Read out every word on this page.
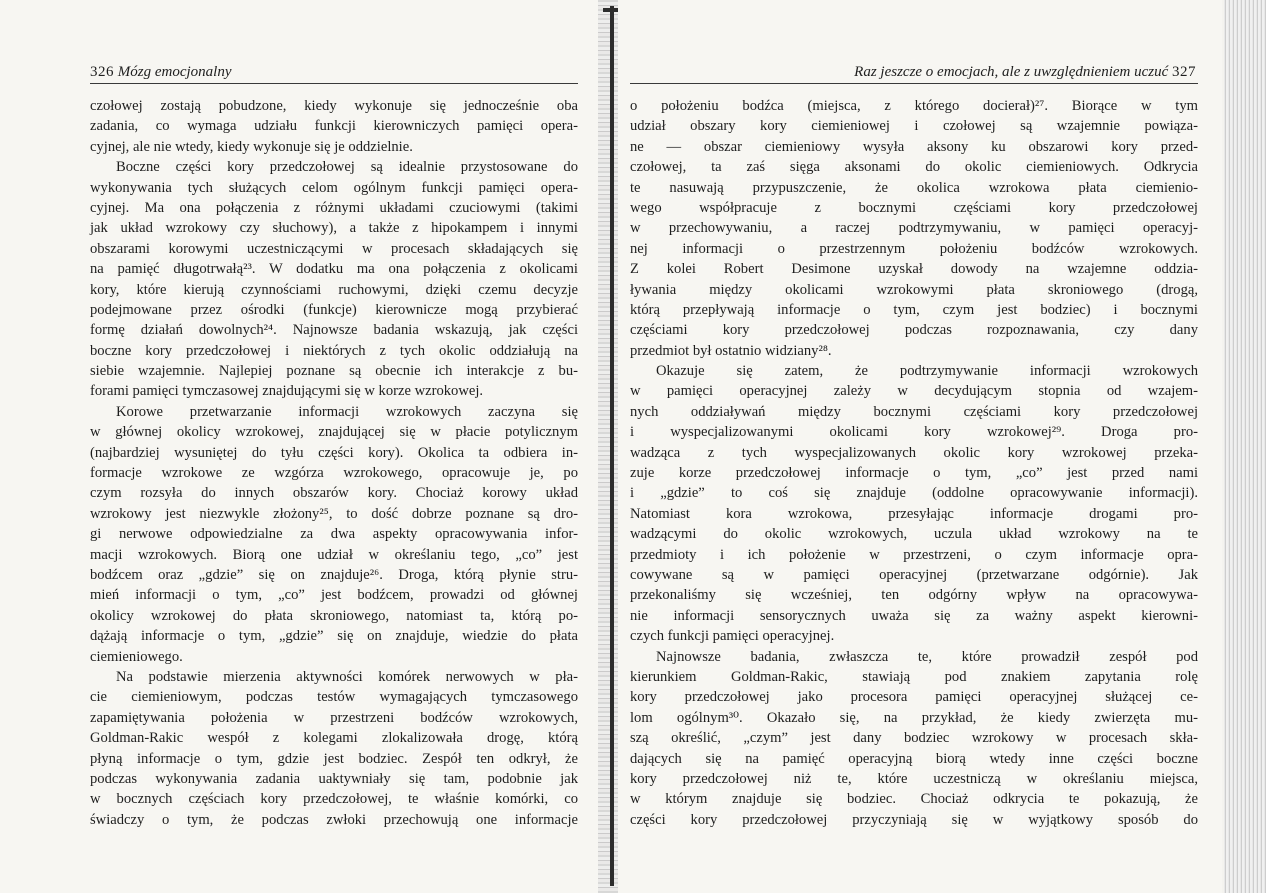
326 Mózg emocjonalny
czołowej zostają pobudzone, kiedy wykonuje się jednocześnie oba
zadania, co wymaga udziału funkcji kierowniczych pamięci opera-
cyjnej, ale nie wtedy, kiedy wykonuje się je oddzielnie.
Boczne części kory przedczołowej są idealnie przystosowane do
wykonywania tych służących celom ogólnym funkcji pamięci opera-
cyjnej. Ma ona połączenia z różnymi układami czuciowymi (takimi
jak układ wzrokowy czy słuchowy), a także z hipokampem i innymi
obszarami korowymi uczestniczącymi w procesach składających się
na pamięć długotrwałą²³. W dodatku ma ona połączenia z okolicami
kory, które kierują czynnościami ruchowymi, dzięki czemu decyzje
podejmowane przez ośrodki (funkcje) kierownicze mogą przybierać
formę działań dowolnych²⁴. Najnowsze badania wskazują, jak części
boczne kory przedczołowej i niektórych z tych okolic oddziałują na
siebie wzajemnie. Najlepiej poznane są obecnie ich interakcje z bu-
forami pamięci tymczasowej znajdującymi się w korze wzrokowej.
Korowe przetwarzanie informacji wzrokowych zaczyna się
w głównej okolicy wzrokowej, znajdującej się w płacie potylicznym
(najbardziej wysuniętej do tyłu części kory). Okolica ta odbiera in-
formacje wzrokowe ze wzgórza wzrokowego, opracowuje je, po
czym rozsyła do innych obszarów kory. Chociaż korowy układ
wzrokowy jest niezwykle złożony²⁵, to dość dobrze poznane są dro-
gi nerwowe odpowiedzialne za dwa aspekty opracowywania infor-
macji wzrokowych. Biorą one udział w określaniu tego, „co” jest
bodźcem oraz „gdzie” się on znajduje²⁶. Droga, którą płynie stru-
mień informacji o tym, „co” jest bodźcem, prowadzi od głównej
okolicy wzrokowej do płata skroniowego, natomiast ta, którą po-
dążają informacje o tym, „gdzie” się on znajduje, wiedzie do płata
ciemieniowego.
Na podstawie mierzenia aktywności komórek nerwowych w pła-
cie ciemieniowym, podczas testów wymagających tymczasowego
zapamiętywania położenia w przestrzeni bodźców wzrokowych,
Goldman-Rakic wespół z kolegami zlokalizowała drogę, którą
płyną informacje o tym, gdzie jest bodziec. Zespół ten odkrył, że
podczas wykonywania zadania uaktywniały się tam, podobnie jak
w bocznych częściach kory przedczołowej, te właśnie komórki, co
świadczy o tym, że podczas zwłoki przechowują one informacje
Raz jeszcze o emocjach, ale z uwzględnieniem uczuć 327
o położeniu bodźca (miejsca, z którego docierał)²⁷. Biorące w tym
udział obszary kory ciemieniowej i czołowej są wzajemnie powiąza-
ne — obszar ciemieniowy wysyła aksony ku obszarowi kory przed-
czołowej, ta zaś sięga aksonami do okolic ciemieniowych. Odkrycia
te nasuwają przypuszczenie, że okolica wzrokowa płata ciemienio-
wego współpracuje z bocznymi częściami kory przedczołowej
w przechowywaniu, a raczej podtrzymywaniu, w pamięci operacyj-
nej informacji o przestrzennym położeniu bodźców wzrokowych.
Z kolei Robert Desimone uzyskał dowody na wzajemne oddzia-
ływania między okolicami wzrokowymi płata skroniowego (drogą,
którą przepływają informacje o tym, czym jest bodziec) i bocznymi
częściami kory przedczołowej podczas rozpoznawania, czy dany
przedmiot był ostatnio widziany²⁸.
Okazuje się zatem, że podtrzymywanie informacji wzrokowych
w pamięci operacyjnej zależy w decydującym stopnia od wzajem-
nych oddziaływań między bocznymi częściami kory przedczołowej
i wyspecjalizowanymi okolicami kory wzrokowej²⁹. Droga pro-
wadząca z tych wyspecjalizowanych okolic kory wzrokowej przeka-
zuje korze przedczołowej informacje o tym, „co” jest przed nami
i „gdzie” to coś się znajduje (oddolne opracowywanie informacji).
Natomiast kora wzrokowa, przesyłając informacje drogami pro-
wadzącymi do okolic wzrokowych, uczula układ wzrokowy na te
przedmioty i ich położenie w przestrzeni, o czym informacje opra-
cowywane są w pamięci operacyjnej (przetwarzane odgórnie). Jak
przekonaliśmy się wcześniej, ten odgórny wpływ na opracowywa-
nie informacji sensorycznych uważa się za ważny aspekt kierowni-
czych funkcji pamięci operacyjnej.
Najnowsze badania, zwłaszcza te, które prowadził zespół pod
kierunkiem Goldman-Rakic, stawiają pod znakiem zapytania rolę
kory przedczołowej jako procesora pamięci operacyjnej służącej ce-
lom ogólnym³⁰. Okazało się, na przykład, że kiedy zwierzęta mu-
szą określić, „czym” jest dany bodziec wzrokowy w procesach skła-
dających się na pamięć operacyjną biorą wtedy inne części boczne
kory przedczołowej niż te, które uczestniczą w określaniu miejsca,
w którym znajduje się bodziec. Chociaż odkrycia te pokazują, że
części kory przedczołowej przyczyniają się w wyjątkowy sposób do
